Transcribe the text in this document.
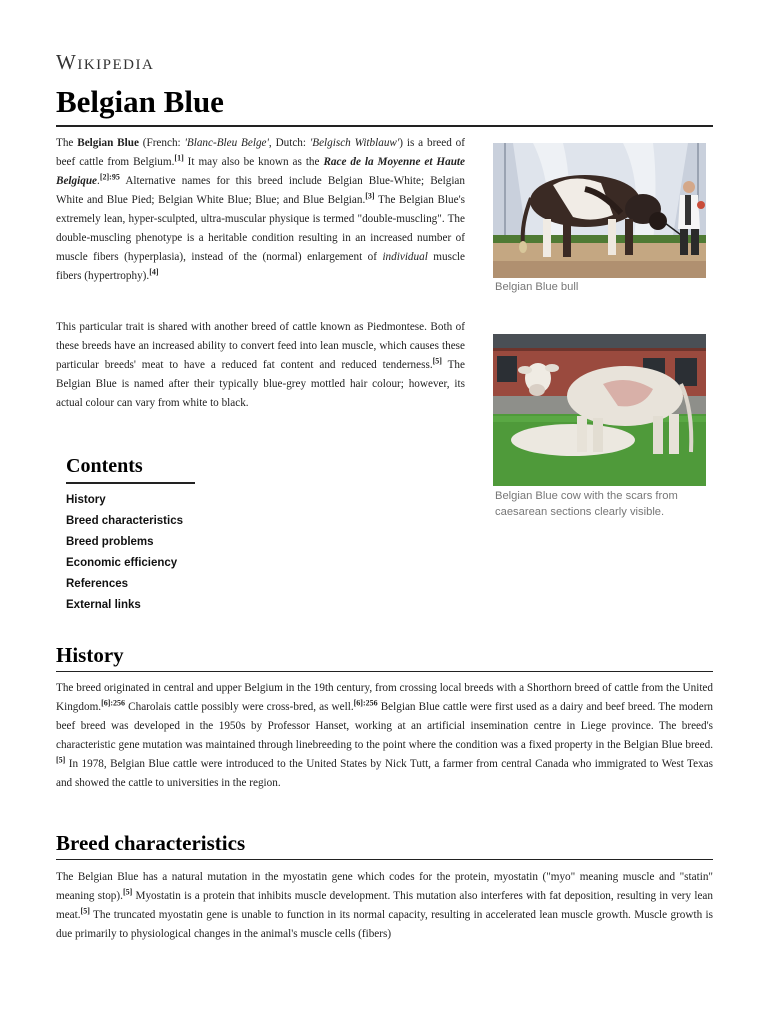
Wikipedia
Belgian Blue

The Belgian Blue (French: 'Blanc-Bleu Belge', Dutch: 'Belgisch Witblauw') is a breed of beef cattle from Belgium.[1] It may also be known as the Race de la Moyenne et Haute Belgique.$^{[2]:95}$ Alternative names for this breed include Belgian Blue-White; Belgian White and Blue Pied; Belgian White Blue; Blue; and Blue Belgian.[3] The Belgian Blue's extremely lean, hyper-sculpted, ultra-muscular physique is termed "double-muscling". The double-muscling phenotype is a heritable condition resulting in an increased number of muscle fibers (hyperplasia), instead of the (normal) enlargement of individual muscle fibers (hypertrophy).[4]

This particular trait is shared with another breed of cattle known as Piedmontese. Both of these breeds have an increased ability to convert feed into lean muscle, which causes these particular breeds' meat to have a reduced fat content and reduced tenderness.[5] The Belgian Blue is named after their typically blue-grey mottled hair colour; however, its actual colour can vary from white to black.

Belgian Blue bull
Belgian Blue cow with the scars from caesarean sections clearly visible.
Contents
History
Breed characteristics
Breed problems
Economic efficiency
References
External links
History

The breed originated in central and upper Belgium in the 19th century, from crossing local breeds with a Shorthorn breed of cattle from the United Kingdom.$^{[6]:256}$ Charolais cattle possibly were cross-bred, as well.$^{[6]:256}$ Belgian Blue cattle were first used as a dairy and beef breed. The modern beef breed was developed in the 1950s by Professor Hanset, working at an artificial insemination centre in Liege province. The breed's characteristic gene mutation was maintained through linebreeding to the point where the condition was a fixed property in the Belgian Blue breed.[5] In 1978, Belgian Blue cattle were introduced to the United States by Nick Tutt, a farmer from central Canada who immigrated to West Texas and showed the cattle to universities in the region.

Breed characteristics

The Belgian Blue has a natural mutation in the myostatin gene which codes for the protein, myostatin ("myo" meaning muscle and "statin" meaning stop).[5] Myostatin is a protein that inhibits muscle development. This mutation also interferes with fat deposition, resulting in very lean meat.[5] The truncated myostatin gene is unable to function in its normal capacity, resulting in accelerated lean muscle growth. Muscle growth is due primarily to physiological changes in the animal's muscle cells (fibers)
